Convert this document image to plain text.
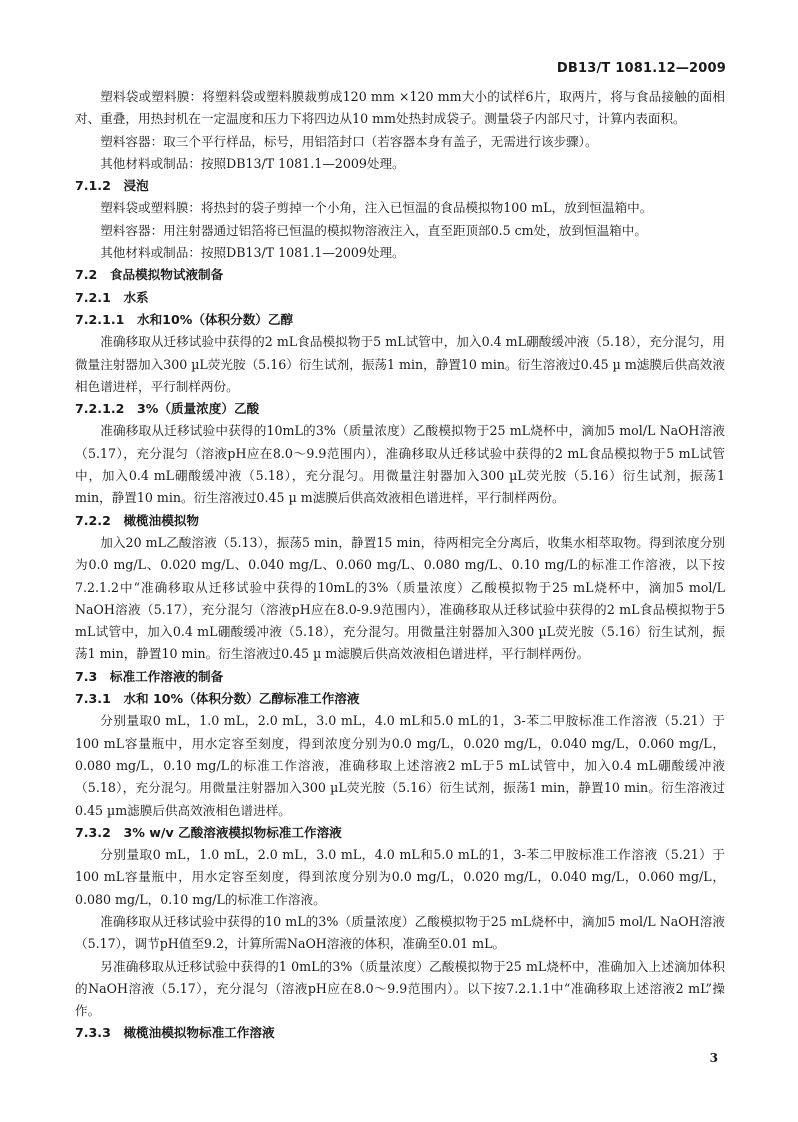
DB13/T 1081.12—2009
塑料袋或塑料膜：将塑料袋或塑料膜裁剪成120 mm ×120 mm大小的试样6片，取两片，将与食品接触的面相对、重叠，用热封机在一定温度和压力下将四边从10 mm处热封成袋子。测量袋子内部尺寸，计算内表面积。
塑料容器：取三个平行样品，标号，用铝箔封口（若容器本身有盖子，无需进行该步骤）。
其他材料或制品：按照DB13/T 1081.1—2009处理。
7.1.2　浸泡
塑料袋或塑料膜：将热封的袋子剪掉一个小角，注入已恒温的食品模拟物100 mL，放到恒温箱中。
塑料容器：用注射器通过铝箔将已恒温的模拟物溶液注入，直至距顶部0.5 cm处，放到恒温箱中。
其他材料或制品：按照DB13/T 1081.1—2009处理。
7.2　食品模拟物试液制备
7.2.1　水系
7.2.1.1　水和10%（体积分数）乙醇
准确移取从迁移试验中获得的2 mL食品模拟物于5 mL试管中，加入0.4 mL硼酸缓冲液（5.18），充分混匀，用微量注射器加入300 µL荧光胺（5.16）衍生试剂，振荡1 min，静置10 min。衍生溶液过0.45 µ m滤膜后供高效液相色谱进样，平行制样两份。
7.2.1.2　3%（质量浓度）乙酸
准确移取从迁移试验中获得的10mL的3%（质量浓度）乙酸模拟物于25 mL烧杯中，滴加5 mol/L NaOH溶液（5.17），充分混匀（溶液pH应在8.0～9.9范围内），准确移取从迁移试验中获得的2 mL食品模拟物于5 mL试管中，加入0.4 mL硼酸缓冲液（5.18），充分混匀。用微量注射器加入300 µL荧光胺（5.16）衍生试剂，振荡1 min，静置10 min。衍生溶液过0.45 µ m滤膜后供高效液相色谱进样，平行制样两份。
7.2.2　橄榄油模拟物
加入20 mL乙酸溶液（5.13），振荡5 min，静置15 min，待两相完全分离后，收集水相萃取物。得到浓度分别为0.0 mg/L、0.020 mg/L、0.040 mg/L、0.060 mg/L、0.080 mg/L、0.10 mg/L的标准工作溶液，以下按7.2.1.2中“准确移取从迁移试验中获得的10mL的3%（质量浓度）乙酸模拟物于25 mL烧杯中，滴加5 mol/L NaOH溶液（5.17），充分混匀（溶液pH应在8.0-9.9范围内），准确移取从迁移试验中获得的2 mL食品模拟物于5 mL试管中，加入0.4 mL硼酸缓冲液（5.18），充分混匀。用微量注射器加入300 µL荧光胺（5.16）衍生试剂，振荡1 min，静置10 min。衍生溶液过0.45 µ m滤膜后供高效液相色谱进样，平行制样两份。
7.3　标准工作溶液的制备
7.3.1　水和 10%（体积分数）乙醇标准工作溶液
分别量取0 mL，1.0 mL，2.0 mL，3.0 mL，4.0 mL和5.0 mL的1，3-苯二甲胺标准工作溶液（5.21）于100 mL容量瓶中，用水定容至刻度，得到浓度分别为0.0 mg/L，0.020 mg/L，0.040 mg/L，0.060 mg/L，0.080 mg/L，0.10 mg/L的标准工作溶液，准确移取上述溶液2 mL于5 mL试管中，加入0.4 mL硼酸缓冲液（5.18），充分混匀。用微量注射器加入300 µL荧光胺（5.16）衍生试剂，振荡1 min，静置10 min。衍生溶液过0.45 µm滤膜后供高效液相色谱进样。
7.3.2　3% w/v 乙酸溶液模拟物标准工作溶液
分别量取0 mL，1.0 mL，2.0 mL，3.0 mL，4.0 mL和5.0 mL的1，3-苯二甲胺标准工作溶液（5.21）于100 mL容量瓶中，用水定容至刻度，得到浓度分别为0.0 mg/L，0.020 mg/L，0.040 mg/L，0.060 mg/L，0.080 mg/L，0.10 mg/L的标准工作溶液。
准确移取从迁移试验中获得的10 mL的3%（质量浓度）乙酸模拟物于25 mL烧杯中，滴加5 mol/L NaOH溶液（5.17），调节pH值至9.2，计算所需NaOH溶液的体积，准确至0.01 mL。
另准确移取从迁移试验中获得的1 0mL的3%（质量浓度）乙酸模拟物于25 mL烧杯中，准确加入上述滴加体积的NaOH溶液（5.17），充分混匀（溶液pH应在8.0～9.9范围内）。以下按7.2.1.1中“准确移取上述溶液2 mL”操作。
7.3.3　橄榄油模拟物标准工作溶液
3
